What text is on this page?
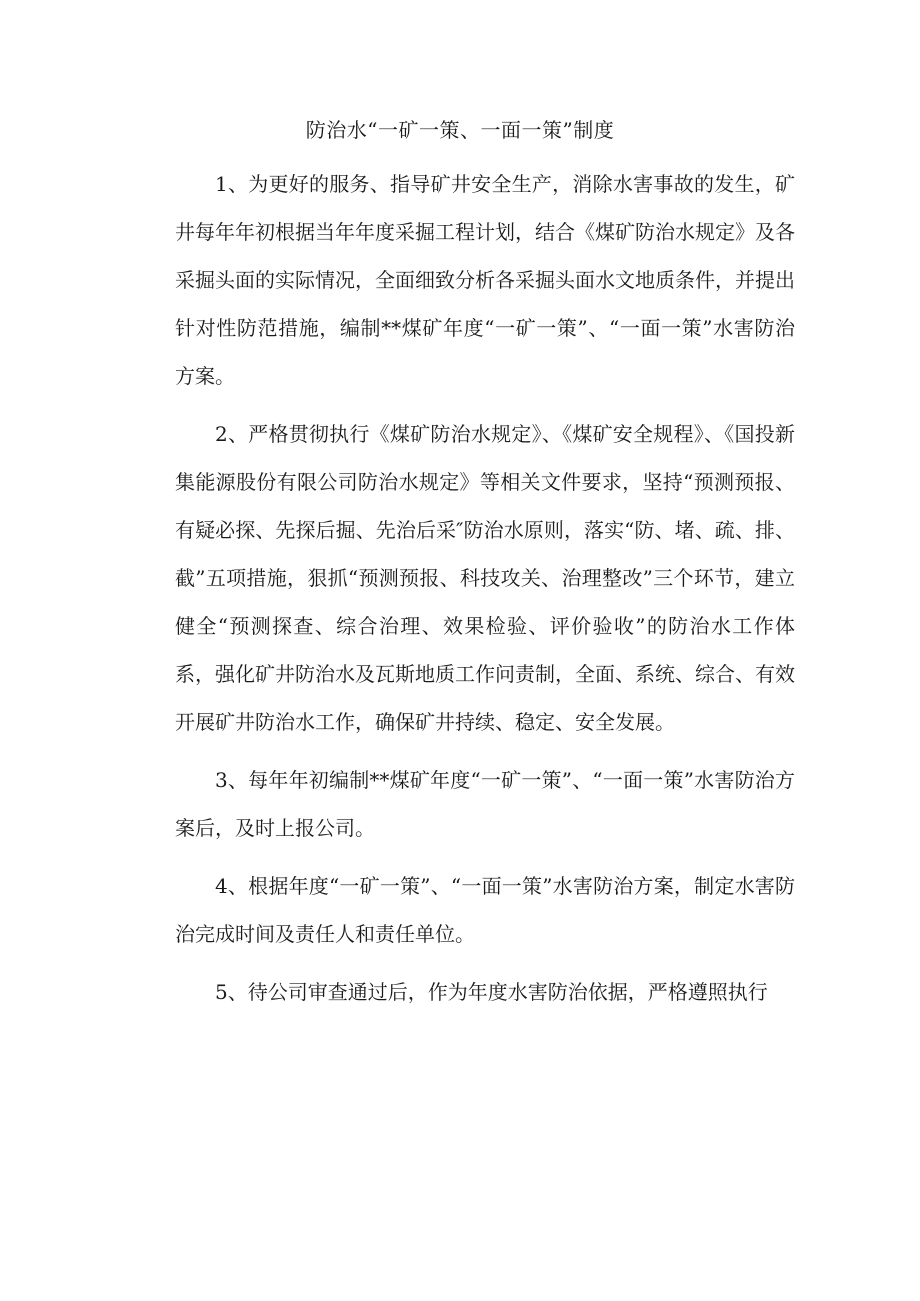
防治水“一矿一策、一面一策”制度

1、为更好的服务、指导矿井安全生产，消除水害事故的发生，矿井每年年初根据当年年度采掘工程计划，结合《煤矿防治水规定》及各采掘头面的实际情况，全面细致分析各采掘头面水文地质条件，并提出针对性防范措施，编制**煤矿年度“一矿一策”、“一面一策”水害防治方案。

2、严格贯彻执行《煤矿防治水规定》、《煤矿安全规程》、《国投新集能源股份有限公司防治水规定》等相关文件要求，坚持“预测预报、有疑必探、先探后掘、先治后采″防治水原则，落实“防、堵、疏、排、截”五项措施，狠抓“预测预报、科技攻关、治理整改”三个环节，建立健全“预测探查、综合治理、效果检验、评价验收”的防治水工作体系，强化矿井防治水及瓦斯地质工作问责制，全面、系统、综合、有效开展矿井防治水工作，确保矿井持续、稳定、安全发展。

3、每年年初编制**煤矿年度“一矿一策”、“一面一策”水害防治方案后，及时上报公司。

4、根据年度“一矿一策”、“一面一策”水害防治方案，制定水害防治完成时间及责任人和责任单位。

5、待公司审查通过后，作为年度水害防治依据，严格遵照执行
